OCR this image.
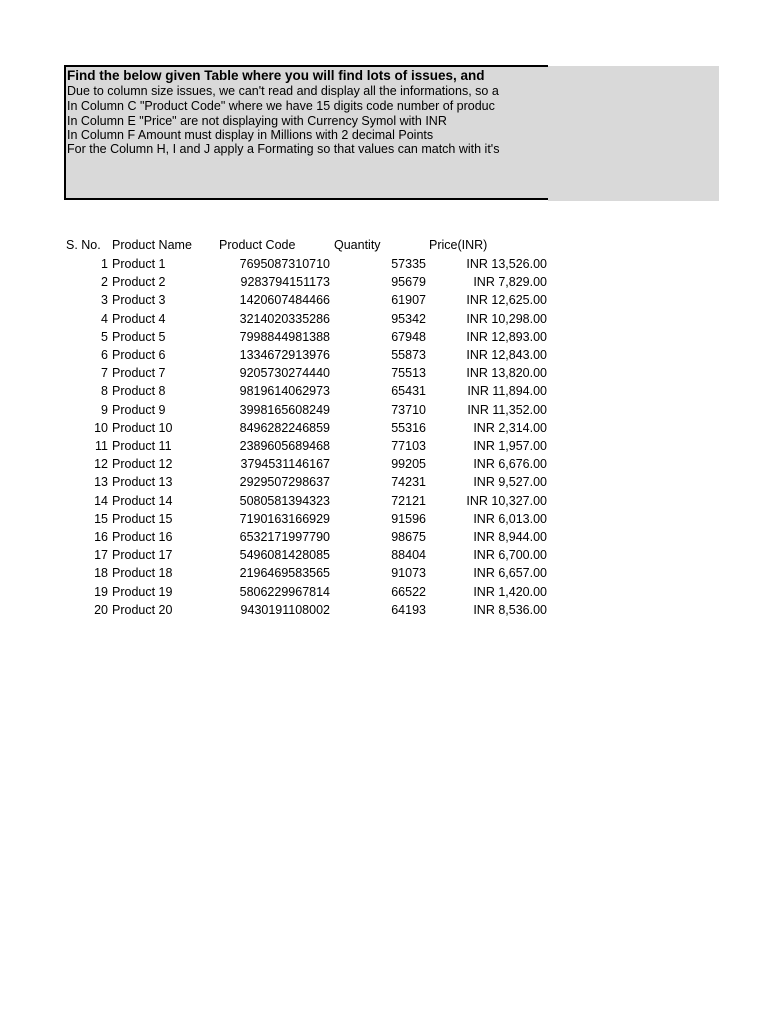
Find the below given Table where you will find lots of issues, and
Due to column size issues, we can't read and display all the informations, so a
In Column C "Product Code" where we have 15 digits code number of produc
In Column E "Price" are not displaying with Currency Symol with INR
In Column F Amount must display in Millions with 2 decimal Points
For the Column H, I and J apply a Formating so that values can match with it's
S. No. Product Name Product Code	Quantity	Price(INR)
1 Product 1	7695087310710	57335	INR 13,526.00
2 Product 2	9283794151173	95679	INR 7,829.00
3 Product 3	1420607484466	61907	INR 12,625.00
4 Product 4	3214020335286	95342	INR 10,298.00
5 Product 5	7998844981388	67948	INR 12,893.00
6 Product 6	1334672913976	55873	INR 12,843.00
7 Product 7	9205730274440	75513	INR 13,820.00
8 Product 8	9819614062973	65431	INR 11,894.00
9 Product 9	3998165608249	73710	INR 11,352.00
10 Product 10	8496282246859	55316	INR 2,314.00
11 Product 11	2389605689468	77103	INR 1,957.00
12 Product 12	3794531146167	99205	INR 6,676.00
13 Product 13	2929507298637	74231	INR 9,527.00
14 Product 14	5080581394323	72121	INR 10,327.00
15 Product 15	7190163166929	91596	INR 6,013.00
16 Product 16	6532171997790	98675	INR 8,944.00
17 Product 17	5496081428085	88404	INR 6,700.00
18 Product 18	2196469583565	91073	INR 6,657.00
19 Product 19	5806229967814	66522	INR 1,420.00
20 Product 20	9430191108002	64193	INR 8,536.00
